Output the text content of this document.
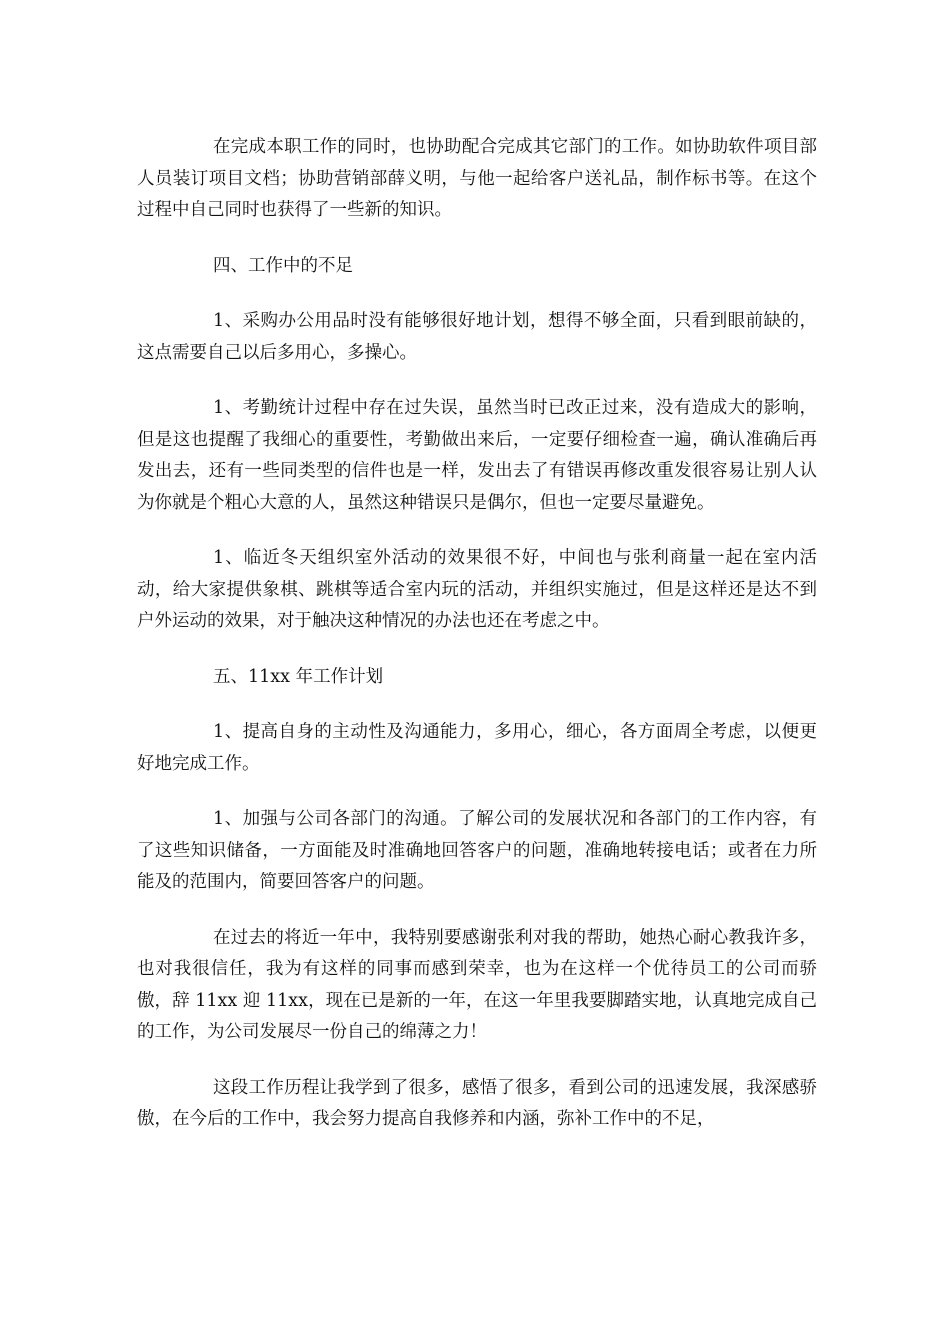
在完成本职工作的同时，也协助配合完成其它部门的工作。如协助软件项目部人员装订项目文档；协助营销部薛义明，与他一起给客户送礼品，制作标书等。在这个过程中自己同时也获得了一些新的知识。

四、工作中的不足

1、采购办公用品时没有能够很好地计划，想得不够全面，只看到眼前缺的，这点需要自己以后多用心，多操心。

1、考勤统计过程中存在过失误，虽然当时已改正过来，没有造成大的影响，但是这也提醒了我细心的重要性，考勤做出来后，一定要仔细检查一遍，确认准确后再发出去，还有一些同类型的信件也是一样，发出去了有错误再修改重发很容易让别人认为你就是个粗心大意的人，虽然这种错误只是偶尔，但也一定要尽量避免。

1、临近冬天组织室外活动的效果很不好，中间也与张利商量一起在室内活动，给大家提供象棋、跳棋等适合室内玩的活动，并组织实施过，但是这样还是达不到户外运动的效果，对于触决这种情况的办法也还在考虑之中。

五、11xx 年工作计划

1、提高自身的主动性及沟通能力，多用心，细心，各方面周全考虑，以便更好地完成工作。

1、加强与公司各部门的沟通。了解公司的发展状况和各部门的工作内容，有了这些知识储备，一方面能及时准确地回答客户的问题，准确地转接电话；或者在力所能及的范围内，简要回答客户的问题。

在过去的将近一年中，我特别要感谢张利对我的帮助，她热心耐心教我许多，也对我很信任，我为有这样的同事而感到荣幸，也为在这样一个优待员工的公司而骄傲，辞 11xx 迎 11xx，现在已是新的一年，在这一年里我要脚踏实地，认真地完成自己的工作，为公司发展尽一份自己的绵薄之力！

这段工作历程让我学到了很多，感悟了很多，看到公司的迅速发展，我深感骄傲，在今后的工作中，我会努力提高自我修养和内涵，弥补工作中的不足，
